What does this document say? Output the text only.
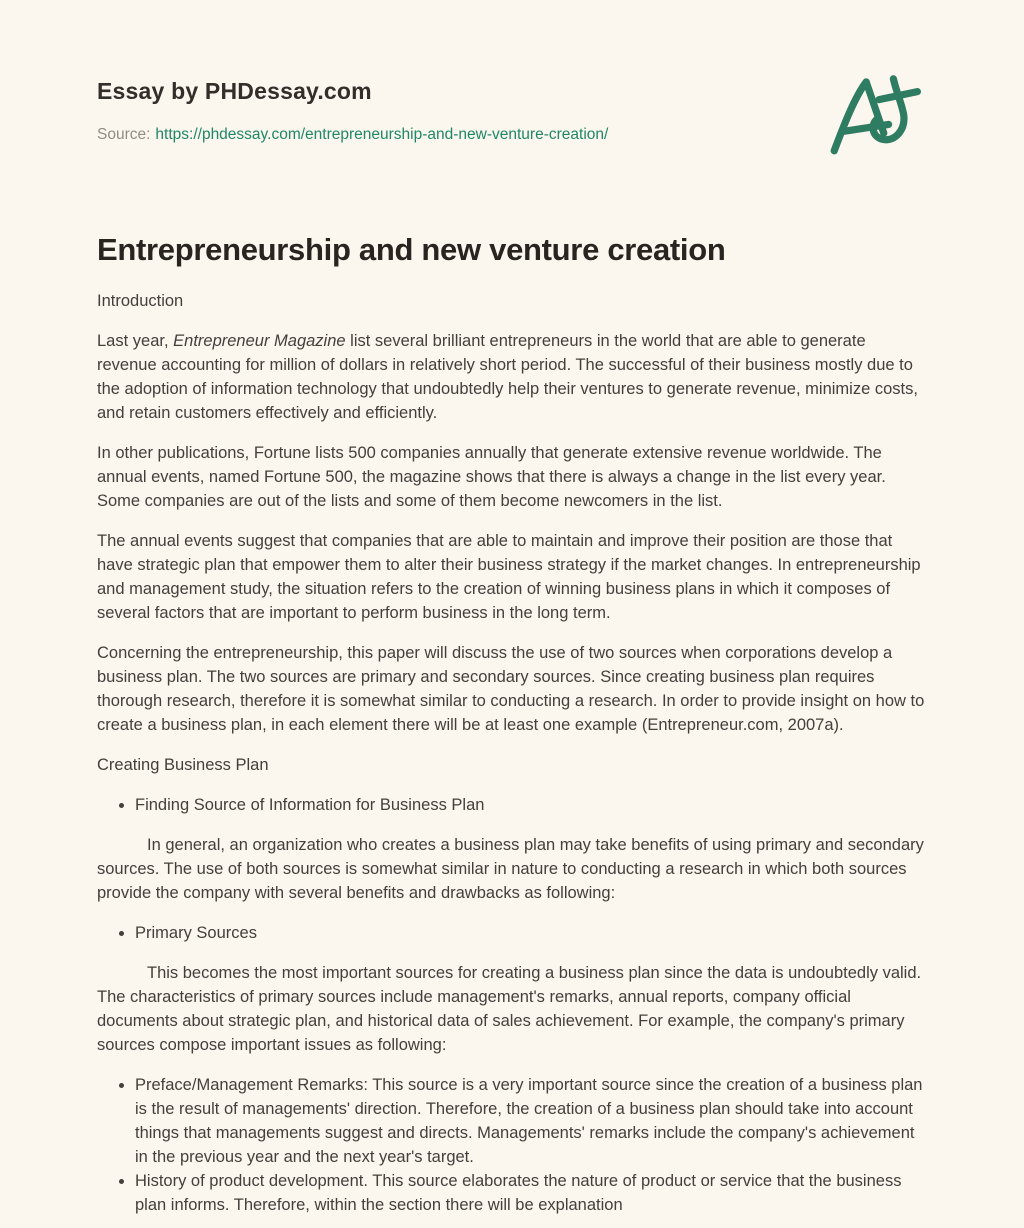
Essay by PHDessay.com
Source: https://phdessay.com/entrepreneurship-and-new-venture-creation/
Entrepreneurship and new venture creation

Introduction

Last year, Entrepreneur Magazine list several brilliant entrepreneurs in the world that are able to generate revenue accounting for million of dollars in relatively short period. The successful of their business mostly due to the adoption of information technology that undoubtedly help their ventures to generate revenue, minimize costs, and retain customers effectively and efficiently.

In other publications, Fortune lists 500 companies annually that generate extensive revenue worldwide. The annual events, named Fortune 500, the magazine shows that there is always a change in the list every year. Some companies are out of the lists and some of them become newcomers in the list.

The annual events suggest that companies that are able to maintain and improve their position are those that have strategic plan that empower them to alter their business strategy if the market changes. In entrepreneurship and management study, the situation refers to the creation of winning business plans in which it composes of several factors that are important to perform business in the long term.

Concerning the entrepreneurship, this paper will discuss the use of two sources when corporations develop a business plan. The two sources are primary and secondary sources. Since creating business plan requires thorough research, therefore it is somewhat similar to conducting a research. In order to provide insight on how to create a business plan, in each element there will be at least one example (Entrepreneur.com, 2007a).

Creating Business Plan

• Finding Source of Information for Business Plan

In general, an organization who creates a business plan may take benefits of using primary and secondary sources. The use of both sources is somewhat similar in nature to conducting a research in which both sources provide the company with several benefits and drawbacks as following:

• Primary Sources

This becomes the most important sources for creating a business plan since the data is undoubtedly valid. The characteristics of primary sources include management's remarks, annual reports, company official documents about strategic plan, and historical data of sales achievement. For example, the company's primary sources compose important issues as following:

• Preface/Management Remarks: This source is a very important source since the creation of a business plan is the result of managements' direction. Therefore, the creation of a business plan should take into account things that managements suggest and directs. Managements' remarks include the company's achievement in the previous year and the next year's target.
• History of product development. This source elaborates the nature of product or service that the business plan informs. Therefore, within the section there will be explanation
